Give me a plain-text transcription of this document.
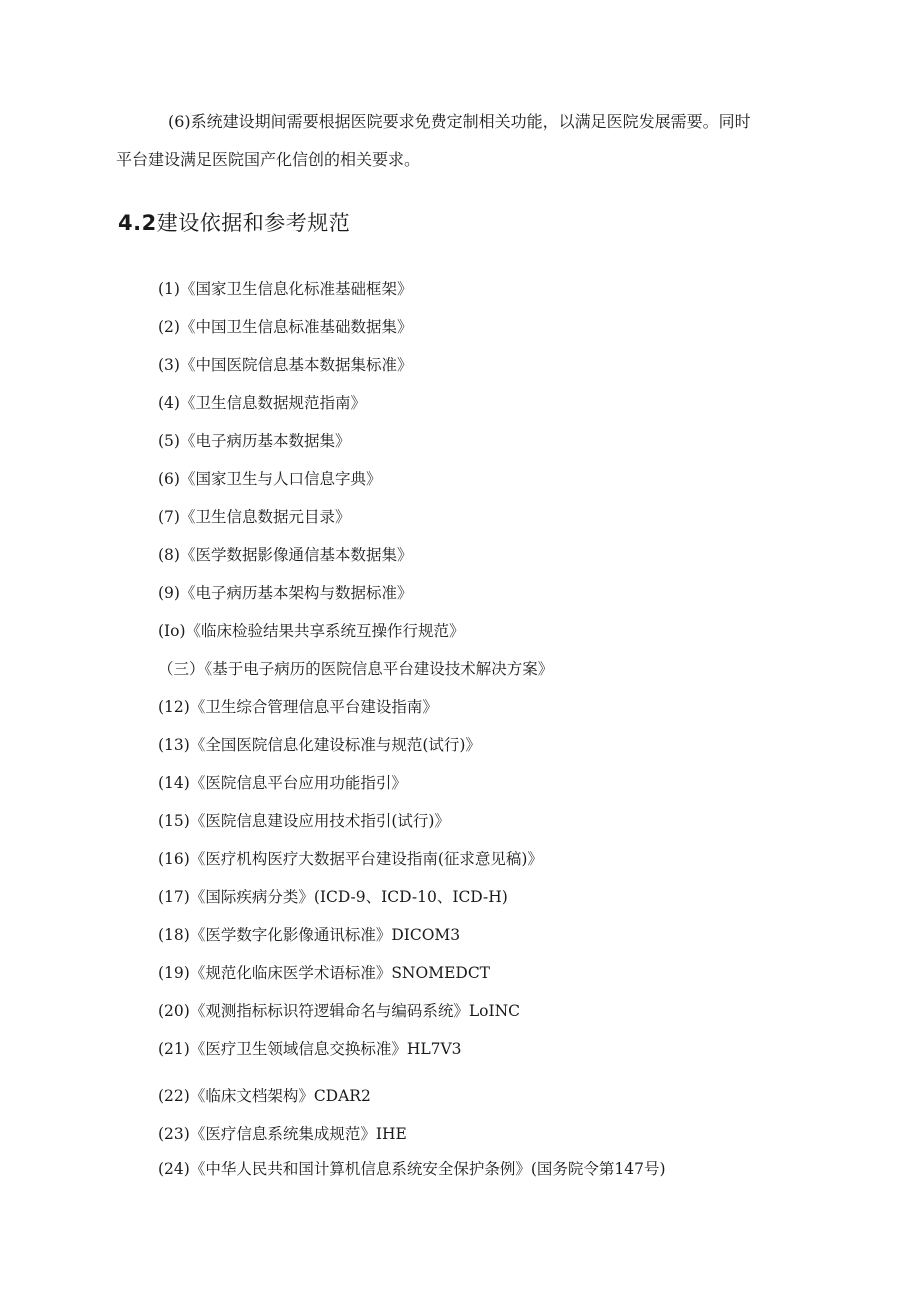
(6)系统建设期间需要根据医院要求免费定制相关功能，以满足医院发展需要。同时
平台建设满足医院国产化信创的相关要求。

4.2建设依据和参考规范
(1)《国家卫生信息化标准基础框架》
(2)《中国卫生信息标准基础数据集》
(3)《中国医院信息基本数据集标准》
(4)《卫生信息数据规范指南》
(5)《电子病历基本数据集》
(6)《国家卫生与人口信息字典》
(7)《卫生信息数据元目录》
(8)《医学数据影像通信基本数据集》
(9)《电子病历基本架构与数据标准》
(Io)《临床检验结果共享系统互操作行规范》
（三）《基于电子病历的医院信息平台建设技术解决方案》
(12)《卫生综合管理信息平台建设指南》
(13)《全国医院信息化建设标准与规范(试行)》
(14)《医院信息平台应用功能指引》
(15)《医院信息建设应用技术指引(试行)》
(16)《医疗机构医疗大数据平台建设指南(征求意见稿)》
(17)《国际疾病分类》(ICD-9、ICD-10、ICD-H)
(18)《医学数字化影像通讯标准》DICOM3
(19)《规范化临床医学术语标准》SNOMEDCT
(20)《观测指标标识符逻辑命名与编码系统》LoINC
(21)《医疗卫生领域信息交换标准》HL7V3
(22)《临床文档架构》CDAR2
(23)《医疗信息系统集成规范》IHE
(24)《中华人民共和国计算机信息系统安全保护条例》(国务院令第147号)
